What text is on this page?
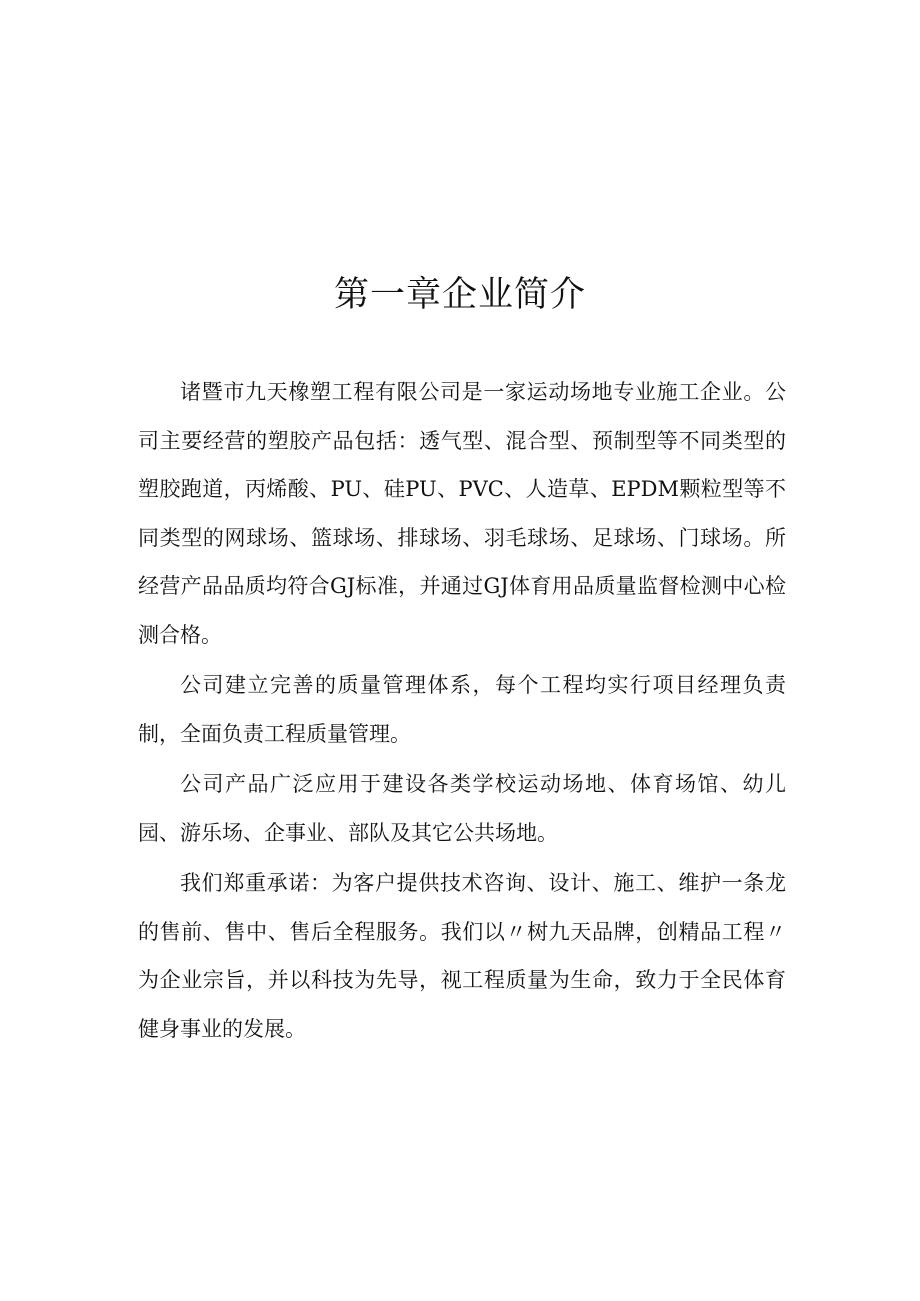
第一章企业简介

诸暨市九天橡塑工程有限公司是一家运动场地专业施工企业。公司主要经营的塑胶产品包括：透气型、混合型、预制型等不同类型的塑胶跑道，丙烯酸、PU、硅PU、PVC、人造草、EPDM颗粒型等不同类型的网球场、篮球场、排球场、羽毛球场、足球场、门球场。所经营产品品质均符合GJ标准，并通过GJ体育用品质量监督检测中心检测合格。

公司建立完善的质量管理体系，每个工程均实行项目经理负责制，全面负责工程质量管理。

公司产品广泛应用于建设各类学校运动场地、体育场馆、幼儿园、游乐场、企事业、部队及其它公共场地。

我们郑重承诺：为客户提供技术咨询、设计、施工、维护一条龙的售前、售中、售后全程服务。我们以〃树九天品牌，创精品工程〃为企业宗旨，并以科技为先导，视工程质量为生命，致力于全民体育健身事业的发展。
